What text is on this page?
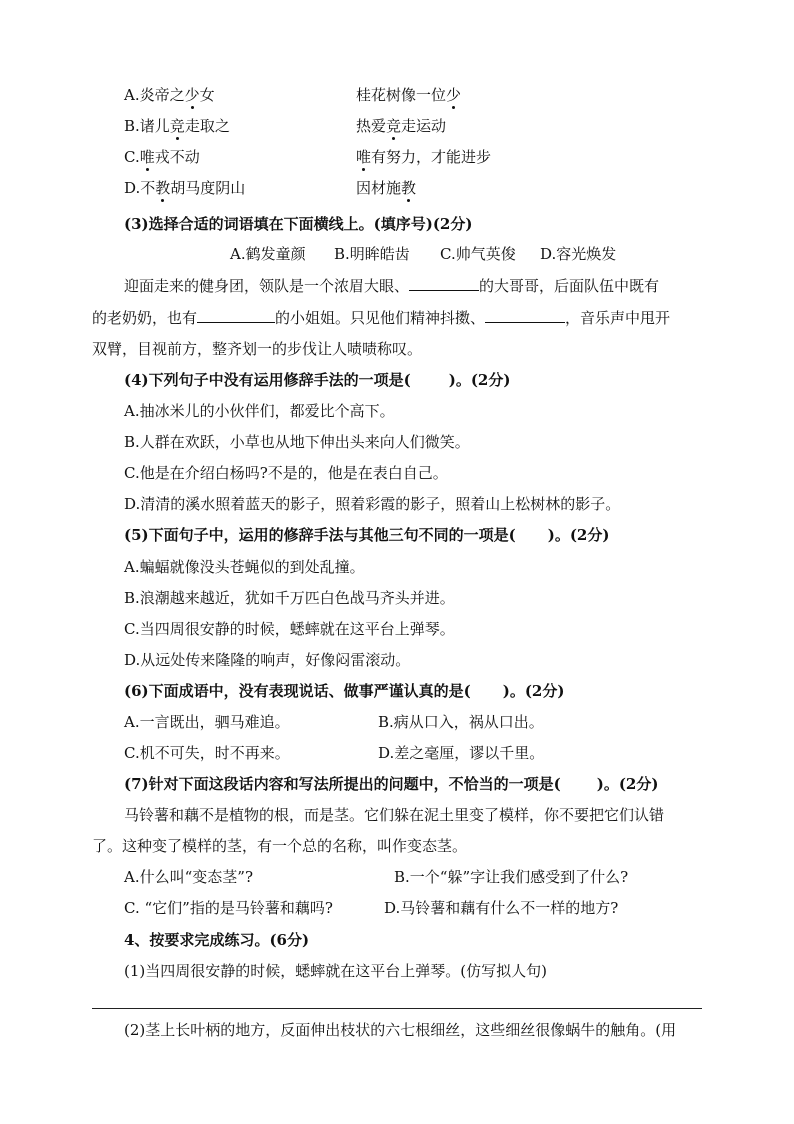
A.炎帝之少女	桂花树像一位少
B.诸儿竞走取之	热爱竞走运动
C.唯戎不动	唯有努力，才能进步
D.不教胡马度阴山	因材施教
(3)选择合适的词语填在下面横线上。(填序号)(2分)
A.鹤发童颜 B.明眸皓齿 C.帅气英俊 D.容光焕发
迎面走来的健身团，领队是一个浓眉大眼、	的大哥哥，后面队伍中既有
的老奶奶，也有	的小姐姐。只见他们精神抖擞、	，音乐声中甩开
双臂，目视前方，整齐划一的步伐让人啧啧称叹。
(4)下列句子中没有运用修辞手法的一项是(	)。(2分)
A.抽冰米儿的小伙伴们，都爱比个高下。
B.人群在欢跃，小草也从地下伸出头来向人们微笑。
C.他是在介绍白杨吗?不是的，他是在表白自己。
D.清清的溪水照着蓝天的影子，照着彩霞的影子，照着山上松树林的影子。
(5)下面句子中，运用的修辞手法与其他三句不同的一项是( )。(2分)
A.蝙蝠就像没头苍蝇似的到处乱撞。
B.浪潮越来越近，犹如千万匹白色战马齐头并进。
C.当四周很安静的时候，蟋蟀就在这平台上弹琴。
D.从远处传来隆隆的响声，好像闷雷滚动。
(6)下面成语中，没有表现说话、做事严谨认真的是( )。(2分)
A.一言既出，驷马难追。	B.病从口入，祸从口出。
C.机不可失，时不再来。	D.差之毫厘，谬以千里。
(7)针对下面这段话内容和写法所提出的问题中，不恰当的一项是( )。(2分)
马铃薯和藕不是植物的根，而是茎。它们躲在泥土里变了模样，你不要把它们认错
了。这种变了模样的茎，有一个总的名称，叫作变态茎。
A.什么叫“变态茎”?	B.一个“躲”字让我们感受到了什么?
C. “它们”指的是马铃薯和藕吗?	D.马铃薯和藕有什么不一样的地方?
4、按要求完成练习。(6分)
(1)当四周很安静的时候，蟋蟀就在这平台上弹琴。(仿写拟人句)
(2)茎上长叶柄的地方，反面伸出枝状的六七根细丝，这些细丝很像蜗牛的触角。(用
